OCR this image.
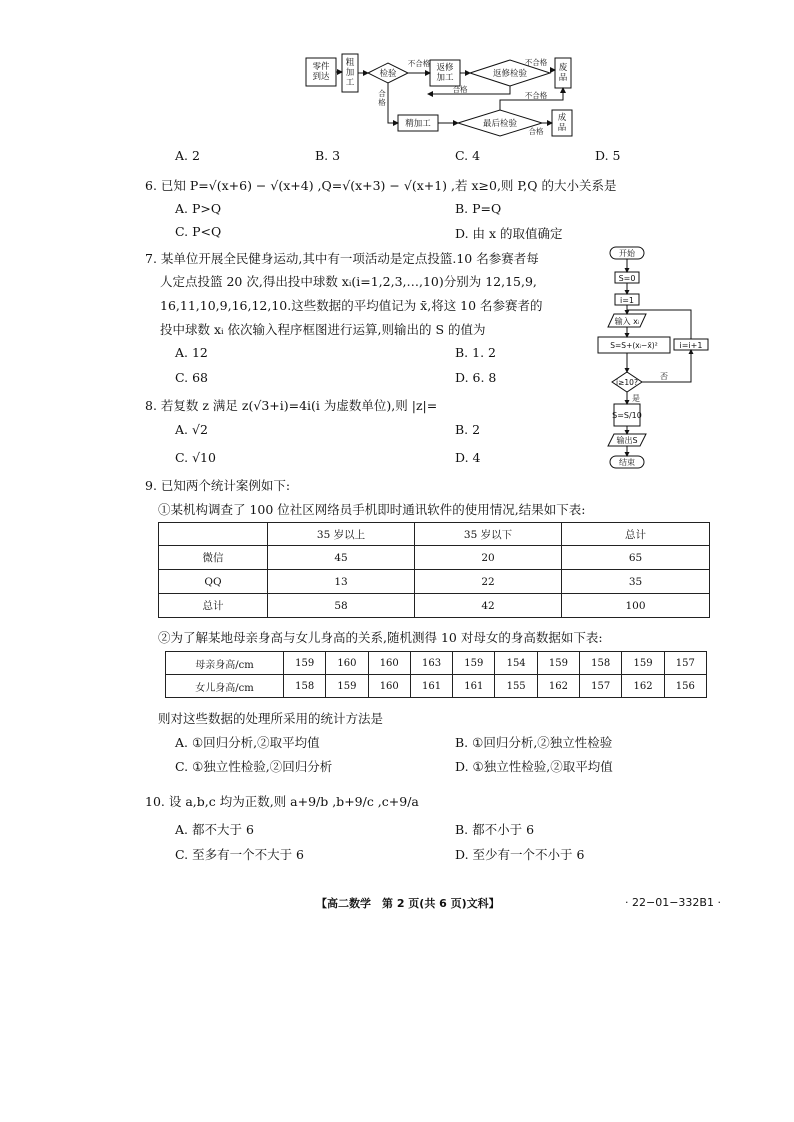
零件到达
粗加工
检验
返修加工	返修检验
废品
精加工	最后检验
成品
不合格	不合格
不合格
合格
合格
合格
A. 2	B. 3	C. 4	D. 5
6. 已知 P=√(x+6) − √(x+4) ,Q=√(x+3) − √(x+1) ,若 x≥0,则 P,Q 的大小关系是
A. P>Q	B. P=Q
C. P<Q	D. 由 x 的取值确定
7. 某单位开展全民健身运动,其中有一项活动是定点投篮.10 名参赛者每
人定点投篮 20 次,得出投中球数 xᵢ(i=1,2,3,…,10)分别为 12,15,9,
16,11,10,9,16,12,10.这些数据的平均值记为 x̄,将这 10 名参赛者的
投中球数 xᵢ 依次输入程序框图进行运算,则输出的 S 的值为
A. 12	B. 1. 2
C. 68	D. 6. 8
开始
S=0
i=1
输入 xᵢ
S=S+(xᵢ−x̄)²	i=i+1
i≥10?
是
否
S=S/10
输出S
结束
8. 若复数 z 满足 z(√3+i)=4i(i 为虚数单位),则 |z|=
A. √2	B. 2
C. √10	D. 4
9. 已知两个统计案例如下:
①某机构调查了 100 位社区网络员手机即时通讯软件的使用情况,结果如下表:
	35 岁以上	35 岁以下	总计
微信	45	20	65
QQ	13	22	35
总计	58	42	100
②为了解某地母亲身高与女儿身高的关系,随机测得 10 对母女的身高数据如下表:
母亲身高/cm	159	160	160	163	159	154	159	158	159	157
女儿身高/cm	158	159	160	161	161	155	162	157	162	156
则对这些数据的处理所采用的统计方法是
A. ①回归分析,②取平均值	B. ①回归分析,②独立性检验
C. ①独立性检验,②回归分析	D. ①独立性检验,②取平均值
10. 设 a,b,c 均为正数,则 a+9/b ,b+9/c ,c+9/a
A. 都不大于 6	B. 都不小于 6
C. 至多有一个不大于 6	D. 至少有一个不小于 6
【高二数学　第 2 页(共 6 页)文科】	· 22−01−332B1 ·
